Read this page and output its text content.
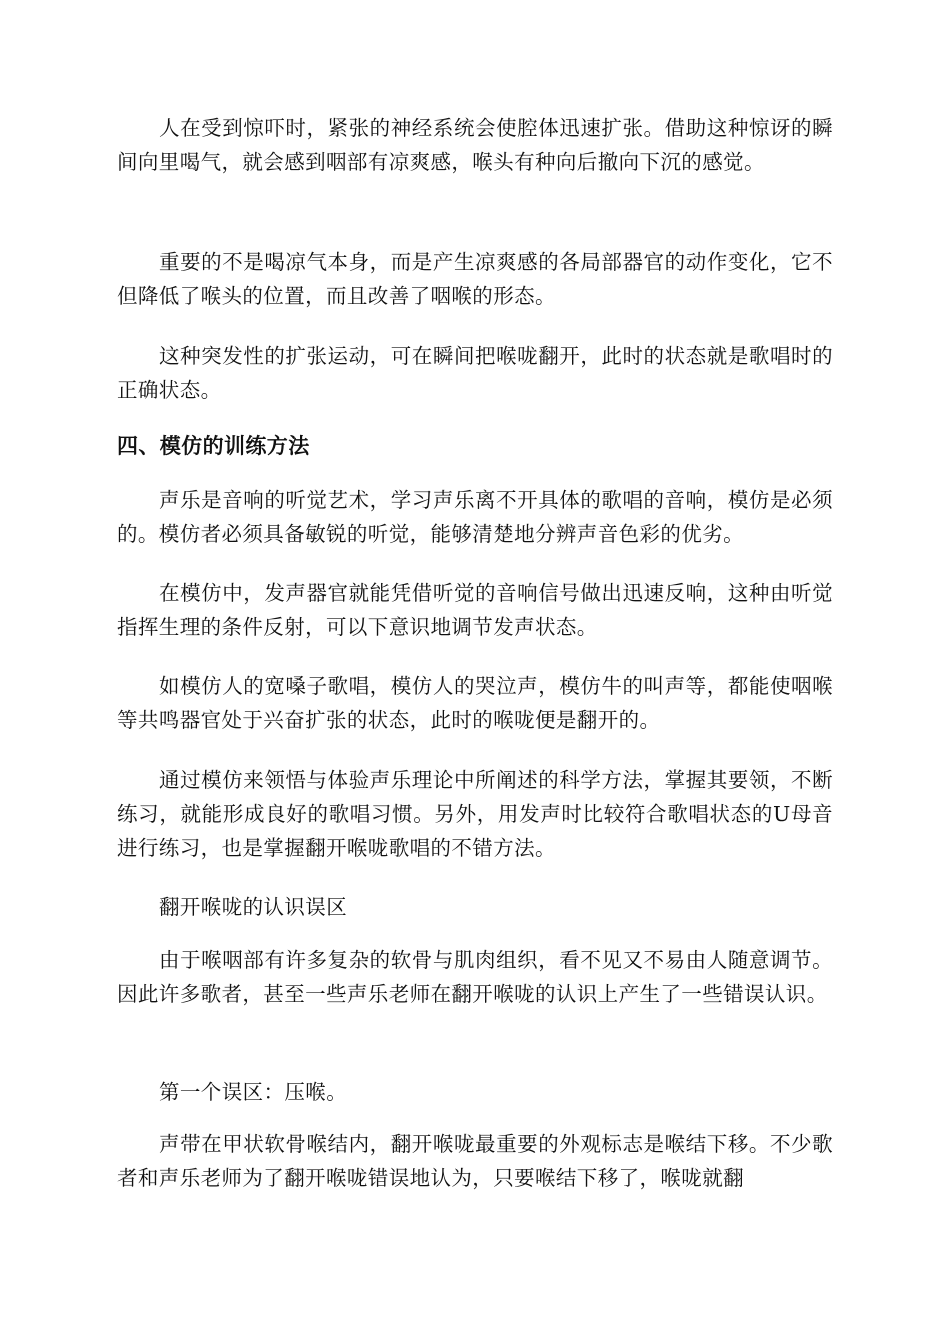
人在受到惊吓时，紧张的神经系统会使腔体迅速扩张。借助这种惊讶的瞬间向里喝气，就会感到咽部有凉爽感，喉头有种向后撤向下沉的感觉。

重要的不是喝凉气本身，而是产生凉爽感的各局部器官的动作变化，它不但降低了喉头的位置，而且改善了咽喉的形态。

这种突发性的扩张运动，可在瞬间把喉咙翻开，此时的状态就是歌唱时的正确状态。

四、模仿的训练方法

声乐是音响的听觉艺术，学习声乐离不开具体的歌唱的音响，模仿是必须的。模仿者必须具备敏锐的听觉，能够清楚地分辨声音色彩的优劣。

在模仿中，发声器官就能凭借听觉的音响信号做出迅速反响，这种由听觉指挥生理的条件反射，可以下意识地调节发声状态。

如模仿人的宽嗓子歌唱，模仿人的哭泣声，模仿牛的叫声等，都能使咽喉等共鸣器官处于兴奋扩张的状态，此时的喉咙便是翻开的。

通过模仿来领悟与体验声乐理论中所阐述的科学方法，掌握其要领，不断练习，就能形成良好的歌唱习惯。另外，用发声时比较符合歌唱状态的U母音进行练习，也是掌握翻开喉咙歌唱的不错方法。

翻开喉咙的认识误区

由于喉咽部有许多复杂的软骨与肌肉组织，看不见又不易由人随意调节。因此许多歌者，甚至一些声乐老师在翻开喉咙的认识上产生了一些错误认识。

第一个误区：压喉。

声带在甲状软骨喉结内，翻开喉咙最重要的外观标志是喉结下移。不少歌者和声乐老师为了翻开喉咙错误地认为，只要喉结下移了，喉咙就翻
